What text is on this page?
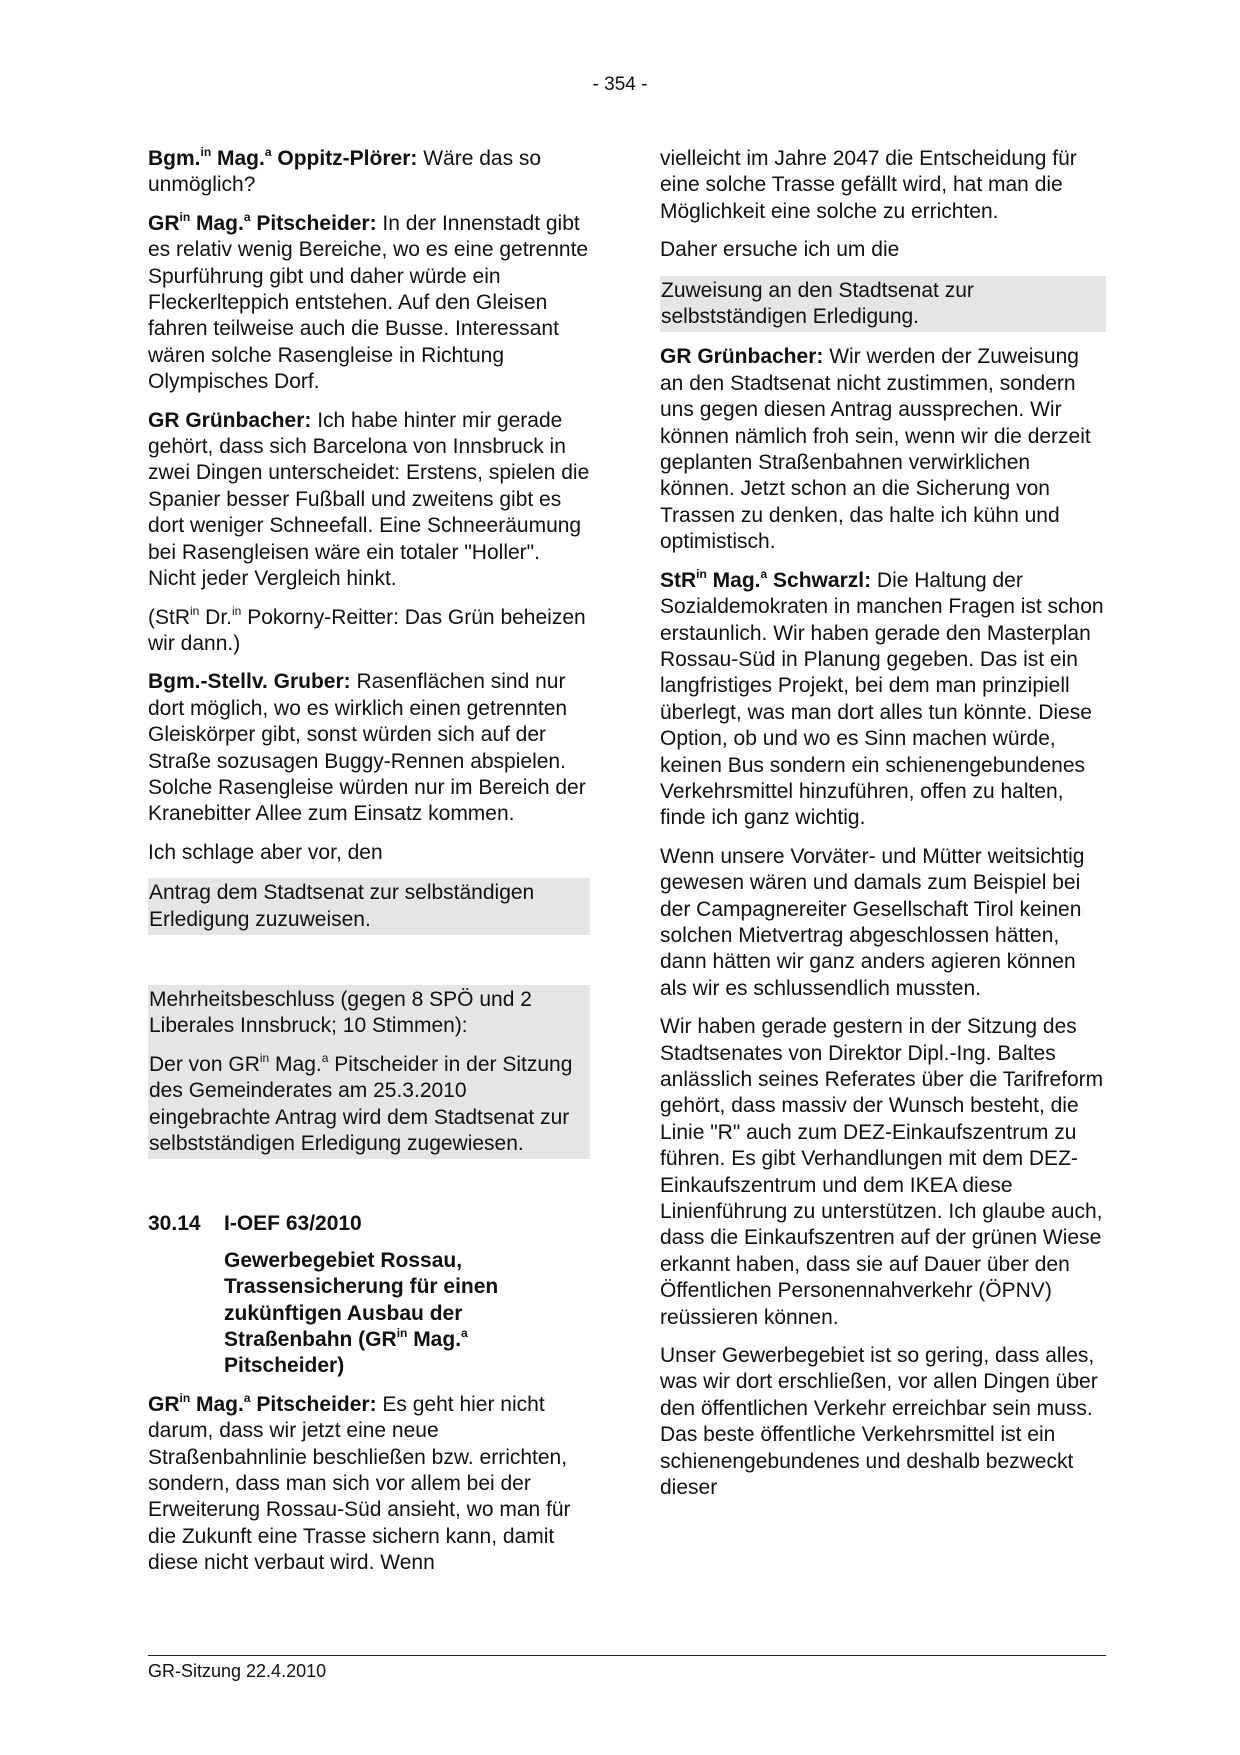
- 354 -
Bgm.$^{in}$ Mag.$^a$ Oppitz-Plörer: Wäre das so unmöglich?
$GR^{in}$ Mag.$^a$ Pitscheider: In der Innenstadt gibt es relativ wenig Bereiche, wo es eine getrennte Spurführung gibt und daher würde ein Fleckerlteppich entstehen. Auf den Gleisen fahren teilweise auch die Busse. Interessant wären solche Rasengleise in Richtung Olympisches Dorf.
GR Grünbacher: Ich habe hinter mir gerade gehört, dass sich Barcelona von Innsbruck in zwei Dingen unterscheidet: Erstens, spielen die Spanier besser Fußball und zweitens gibt es dort weniger Schneefall. Eine Schneeräumung bei Rasengleisen wäre ein totaler "Holler". Nicht jeder Vergleich hinkt.
(StR$^{in}$ Dr.$^{in}$ Pokorny-Reitter: Das Grün beheizen wir dann.)
Bgm.-Stellv. Gruber: Rasenflächen sind nur dort möglich, wo es wirklich einen getrennten Gleiskörper gibt, sonst würden sich auf der Straße sozusagen Buggy-Rennen abspielen. Solche Rasengleise würden nur im Bereich der Kranebitter Allee zum Einsatz kommen.
Ich schlage aber vor, den
Antrag dem Stadtsenat zur selbständigen Erledigung zuzuweisen.
Mehrheitsbeschluss (gegen 8 SPÖ und 2 Liberales Innsbruck; 10 Stimmen):
Der von $GR^{in}$ Mag.$^a$ Pitscheider in der Sitzung des Gemeinderates am 25.3.2010 eingebrachte Antrag wird dem Stadtsenat zur selbstständigen Erledigung zugewiesen.
30.14	I-OEF 63/2010
Gewerbegebiet Rossau, Trassensicherung für einen zukünftigen Ausbau der Straßenbahn ($GR^{in}$ Mag.$^a$ Pitscheider)
$GR^{in}$ Mag.$^a$ Pitscheider: Es geht hier nicht darum, dass wir jetzt eine neue Straßenbahnlinie beschließen bzw. errichten, sondern, dass man sich vor allem bei der Erweiterung Rossau-Süd ansieht, wo man für die Zukunft eine Trasse sichern kann, damit diese nicht verbaut wird. Wenn
vielleicht im Jahre 2047 die Entscheidung für eine solche Trasse gefällt wird, hat man die Möglichkeit eine solche zu errichten.
Daher ersuche ich um die
Zuweisung an den Stadtsenat zur selbstständigen Erledigung.
GR Grünbacher: Wir werden der Zuweisung an den Stadtsenat nicht zustimmen, sondern uns gegen diesen Antrag aussprechen. Wir können nämlich froh sein, wenn wir die derzeit geplanten Straßenbahnen verwirklichen können. Jetzt schon an die Sicherung von Trassen zu denken, das halte ich kühn und optimistisch.
StR$^{in}$ Mag.$^a$ Schwarzl: Die Haltung der Sozialdemokraten in manchen Fragen ist schon erstaunlich. Wir haben gerade den Masterplan Rossau-Süd in Planung gegeben. Das ist ein langfristiges Projekt, bei dem man prinzipiell überlegt, was man dort alles tun könnte. Diese Option, ob und wo es Sinn machen würde, keinen Bus sondern ein schienengebundenes Verkehrsmittel hinzuführen, offen zu halten, finde ich ganz wichtig.
Wenn unsere Vorväter- und Mütter weitsichtig gewesen wären und damals zum Beispiel bei der Campagnereiter Gesellschaft Tirol keinen solchen Mietvertrag abgeschlossen hätten, dann hätten wir ganz anders agieren können als wir es schlussendlich mussten.
Wir haben gerade gestern in der Sitzung des Stadtsenates von Direktor Dipl.-Ing. Baltes anlässlich seines Referates über die Tarifreform gehört, dass massiv der Wunsch besteht, die Linie "R" auch zum DEZ-Einkaufszentrum zu führen. Es gibt Verhandlungen mit dem DEZ-Einkaufszentrum und dem IKEA diese Linienführung zu unterstützen. Ich glaube auch, dass die Einkaufszentren auf der grünen Wiese erkannt haben, dass sie auf Dauer über den Öffentlichen Personennahverkehr (ÖPNV) reüssieren können.
Unser Gewerbegebiet ist so gering, dass alles, was wir dort erschließen, vor allen Dingen über den öffentlichen Verkehr erreichbar sein muss. Das beste öffentliche Verkehrsmittel ist ein schienengebundenes und deshalb bezweckt dieser
GR-Sitzung 22.4.2010
